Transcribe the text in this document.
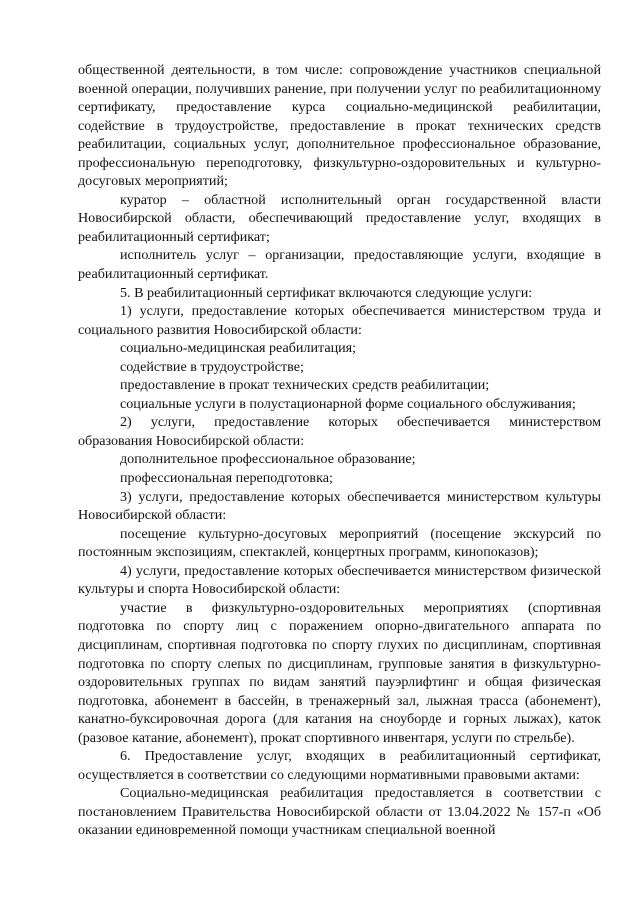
общественной деятельности, в том числе: сопровождение участников специальной военной операции, получивших ранение, при получении услуг по реабилитационному сертификату, предоставление курса социально-медицинской реабилитации, содействие в трудоустройстве, предоставление в прокат технических средств реабилитации, социальных услуг, дополнительное профессиональное образование, профессиональную переподготовку, физкультурно-оздоровительных и культурно-досуговых мероприятий;

куратор – областной исполнительный орган государственной власти Новосибирской области, обеспечивающий предоставление услуг, входящих в реабилитационный сертификат;

исполнитель услуг – организации, предоставляющие услуги, входящие в реабилитационный сертификат.

5. В реабилитационный сертификат включаются следующие услуги:

1) услуги, предоставление которых обеспечивается министерством труда и социального развития Новосибирской области:

социально-медицинская реабилитация;

содействие в трудоустройстве;

предоставление в прокат технических средств реабилитации;

социальные услуги в полустационарной форме социального обслуживания;

2) услуги, предоставление которых обеспечивается министерством образования Новосибирской области:

дополнительное профессиональное образование;

профессиональная переподготовка;

3) услуги, предоставление которых обеспечивается министерством культуры Новосибирской области:

посещение культурно-досуговых мероприятий (посещение экскурсий по постоянным экспозициям, спектаклей, концертных программ, кинопоказов);

4) услуги, предоставление которых обеспечивается министерством физической культуры и спорта Новосибирской области:

участие в физкультурно-оздоровительных мероприятиях (спортивная подготовка по спорту лиц с поражением опорно-двигательного аппарата по дисциплинам, спортивная подготовка по спорту глухих по дисциплинам, спортивная подготовка по спорту слепых по дисциплинам, групповые занятия в физкультурно-оздоровительных группах по видам занятий пауэрлифтинг и общая физическая подготовка, абонемент в бассейн, в тренажерный зал, лыжная трасса (абонемент), канатно-буксировочная дорога (для катания на сноуборде и горных лыжах), каток (разовое катание, абонемент), прокат спортивного инвентаря, услуги по стрельбе).

6. Предоставление услуг, входящих в реабилитационный сертификат, осуществляется в соответствии со следующими нормативными правовыми актами:

Социально-медицинская реабилитация предоставляется в соответствии с постановлением Правительства Новосибирской области от 13.04.2022 № 157-п «Об оказании единовременной помощи участникам специальной военной
